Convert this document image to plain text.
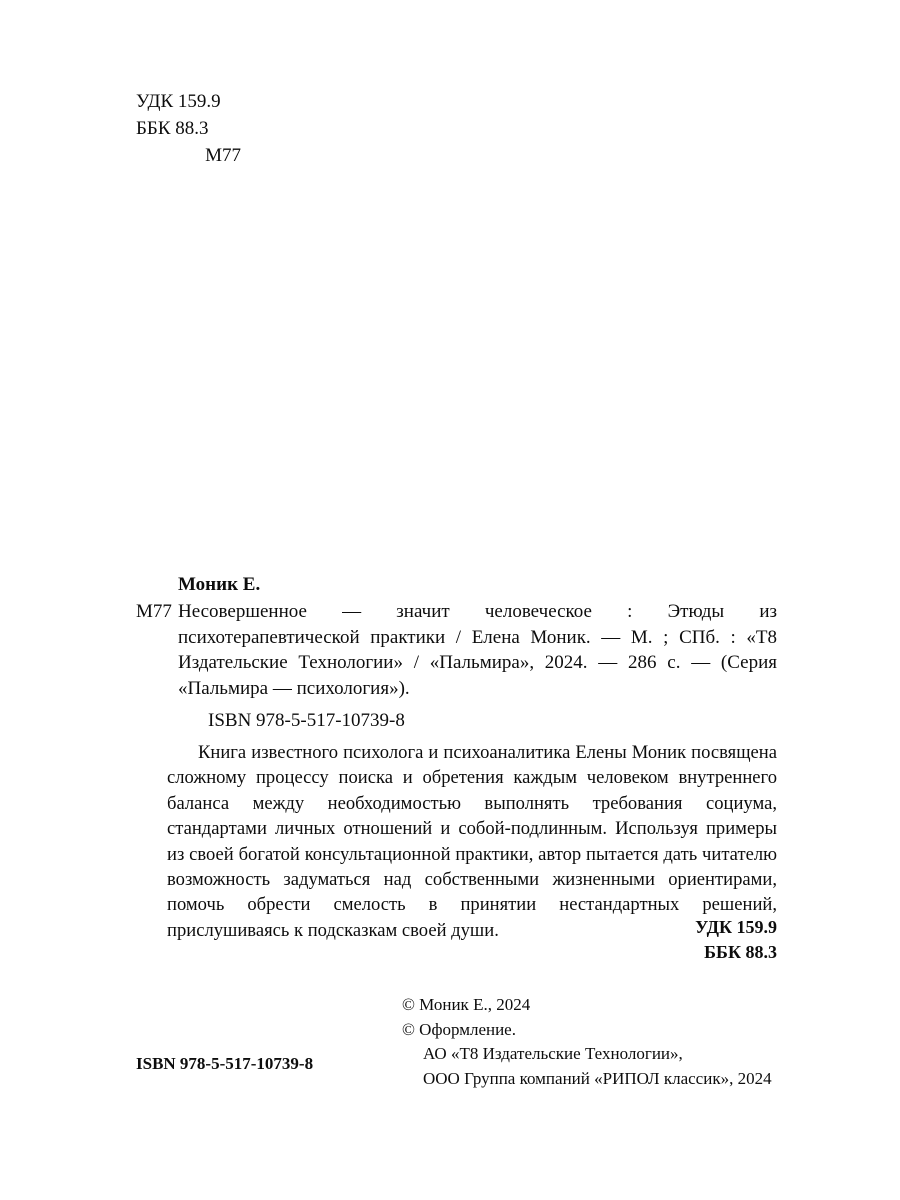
УДК 159.9
ББК 88.3
М77
Моник Е.
М77 Несовершенное — значит человеческое : Этюды из психотерапевтической практики / Елена Моник. — М. ; СПб. : «Т8 Издательские Технологии» / «Пальмира», 2024. — 286 с. — (Серия «Пальмира — психология»).
ISBN 978-5-517-10739-8
Книга известного психолога и психоаналитика Елены Моник посвящена сложному процессу поиска и обретения каждым человеком внутреннего баланса между необходимостью выполнять требования социума, стандартами личных отношений и собой-подлинным. Используя примеры из своей богатой консультационной практики, автор пытается дать читателю возможность задуматься над собственными жизненными ориентирами, помочь обрести смелость в принятии нестандартных решений, прислушиваясь к подсказкам своей души.	УДК 159.9
ББК 88.3
© Моник Е., 2024
© Оформление.
АО «Т8 Издательские Технологии»,
ООО Группа компаний «РИПОЛ классик», 2024
ISBN 978-5-517-10739-8
